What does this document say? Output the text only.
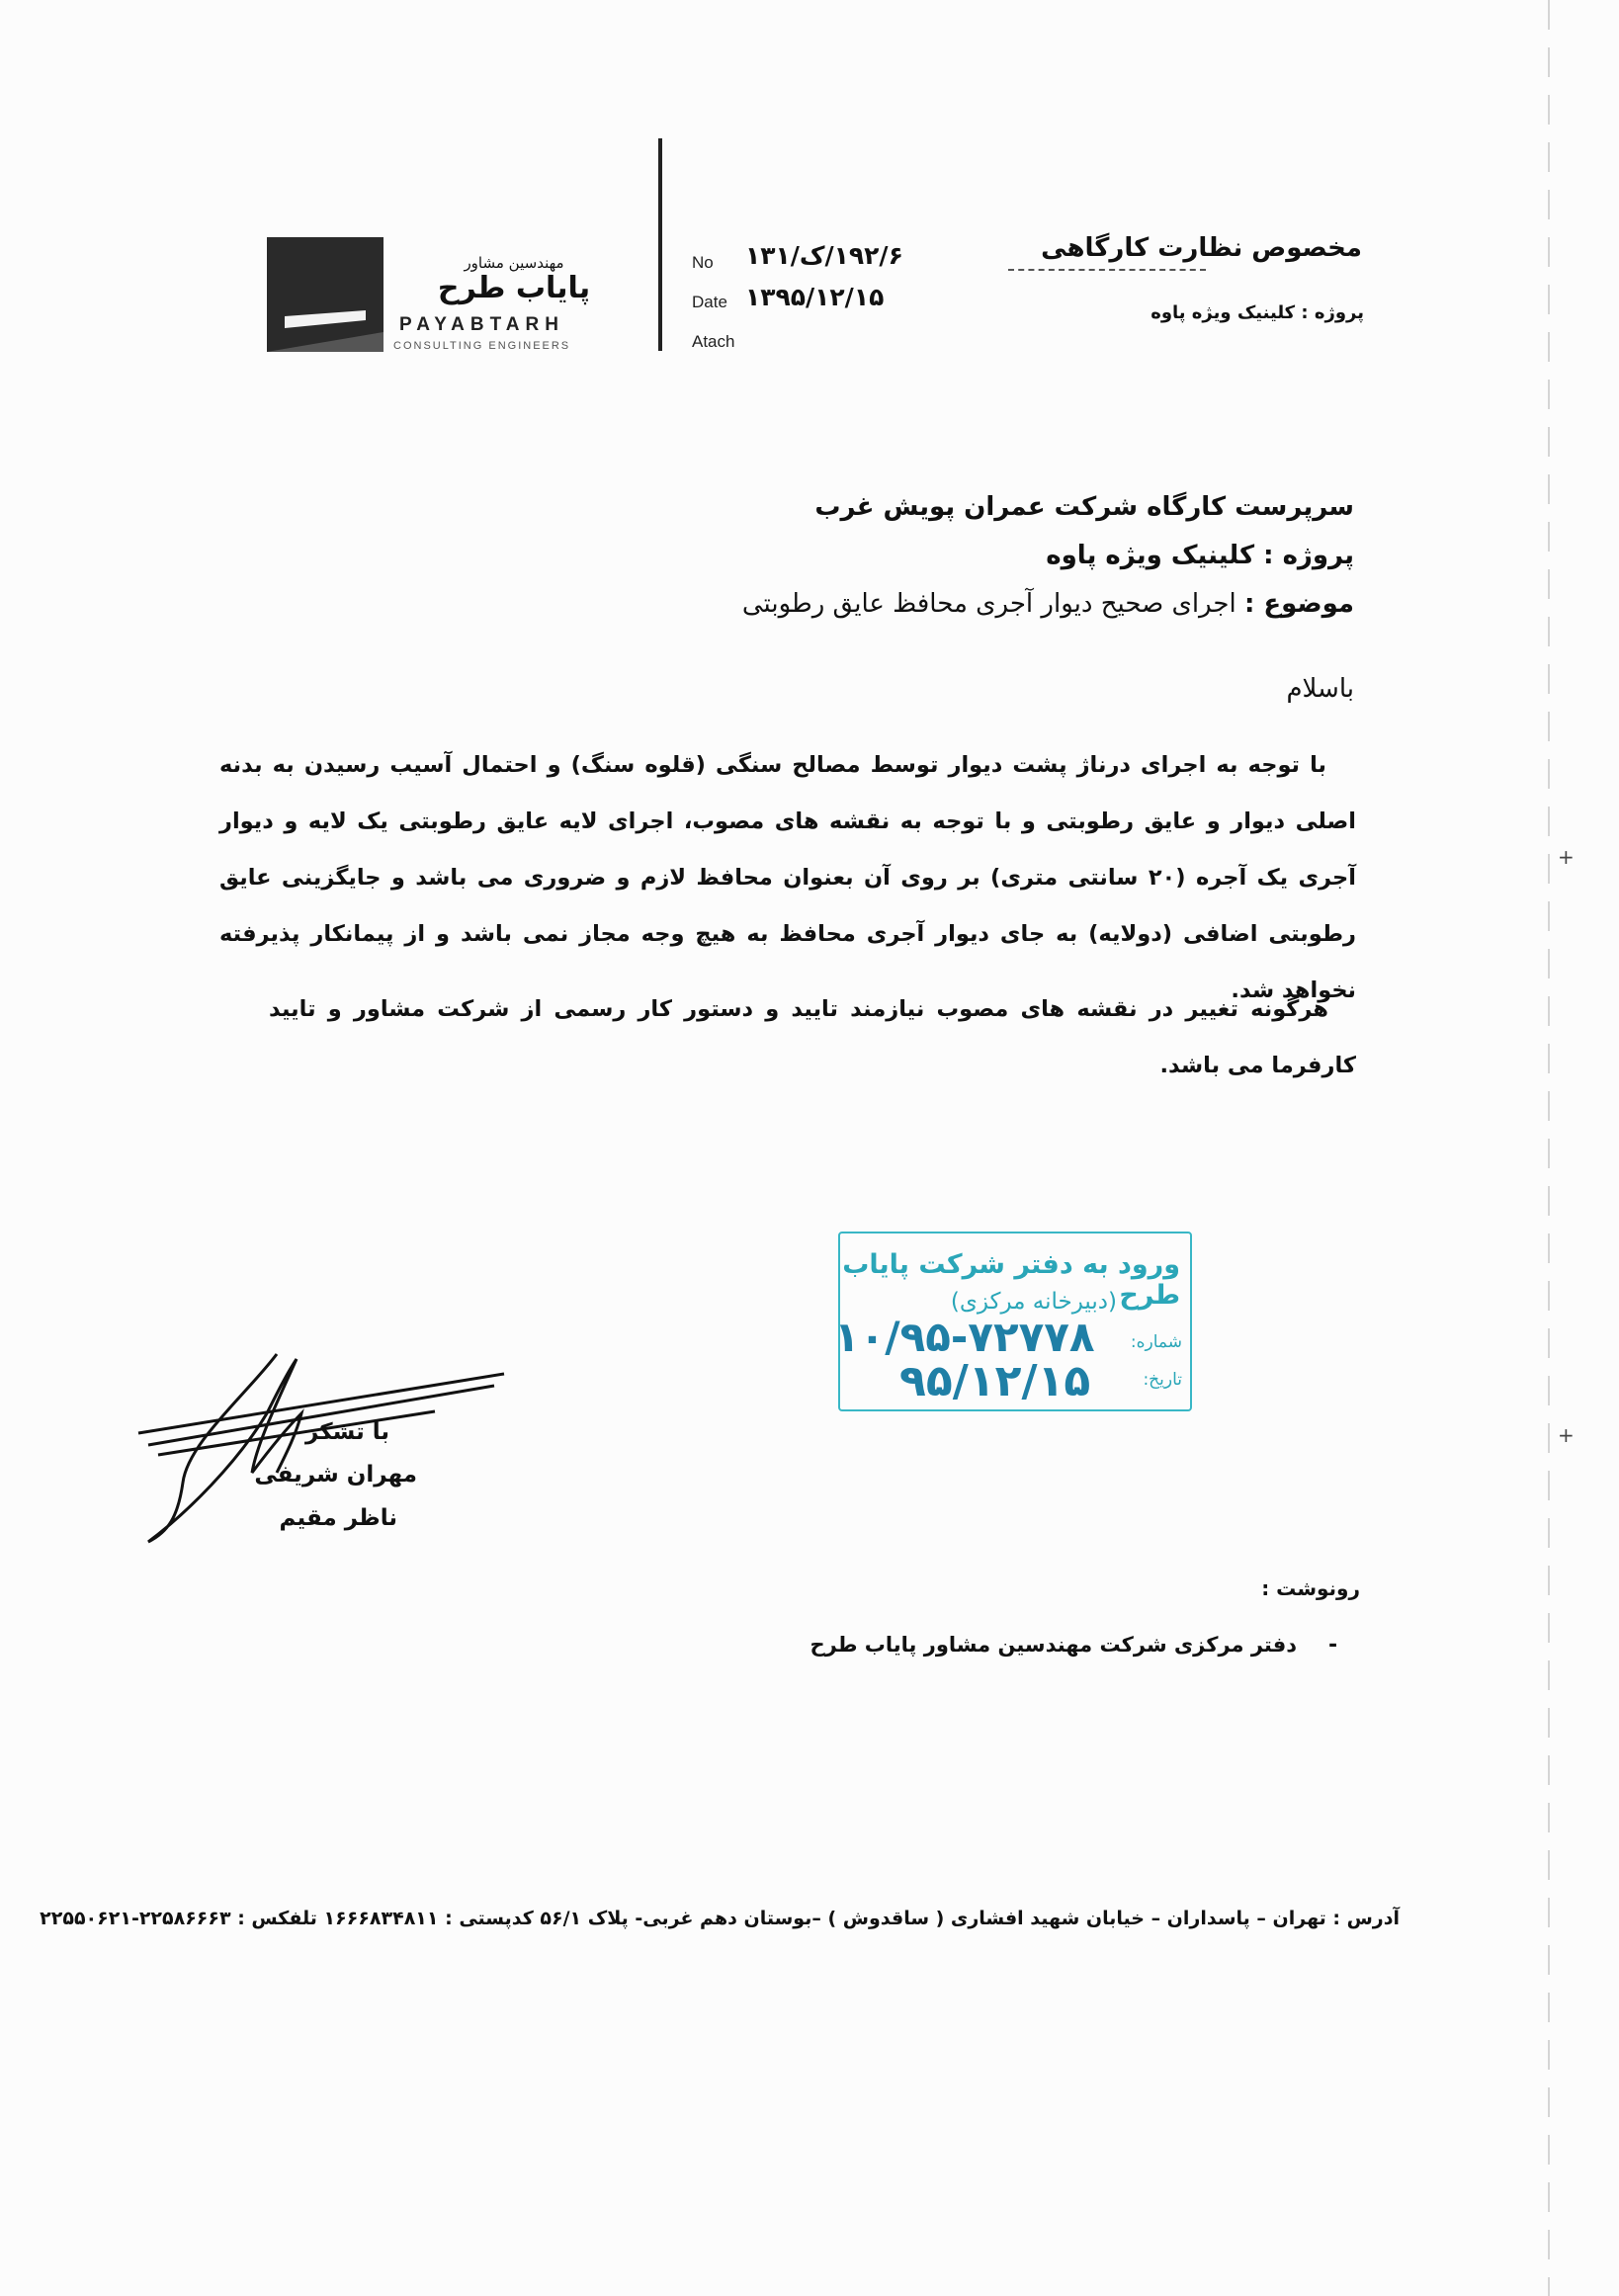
+
+
مهندسین مشاور
پایاب طرح
PAYABTARH
CONSULTING ENGINEERS
No ۱۹۲/۶/ک/۱۳۱
Date ۱۳۹۵/۱۲/۱۵
Atach
مخصوص نظارت کارگاهی
پروژه : کلینیک ویژه پاوه
سرپرست کارگاه شرکت عمران پویش غرب
پروژه : کلینیک ویژه پاوه
موضوع : اجرای صحیح دیوار آجری محافظ عایق رطوبتی
باسلام
با توجه به اجرای درناژ پشت دیوار توسط مصالح سنگی (قلوه سنگ) و احتمال آسیب رسیدن به بدنه اصلی دیوار و عایق رطوبتی و با توجه به نقشه های مصوب، اجرای لایه عایق رطوبتی یک لایه و دیوار آجری یک آجره (۲۰ سانتی متری) بر روی آن بعنوان محافظ لازم و ضروری می باشد و جایگزینی عایق رطوبتی اضافی (دولایه) به جای دیوار آجری محافظ به هیچ وجه مجاز نمی باشد و از پیمانکار پذیرفته نخواهد شد.
هرگونه تغییر در نقشه های مصوب نیازمند تایید و دستور کار رسمی از شرکت مشاور و تایید کارفرما می باشد.
ورود به دفتر شرکت پایاب طرح
(دبیرخانه مرکزی)
شماره:
۱۰/۹۵-۷۲۷۷۸
تاریخ:
۹۵/۱۲/۱۵
با تشکر
مهران شریفی
ناظر مقیم
رونوشت :
-
دفتر مرکزی شرکت مهندسین مشاور پایاب طرح
آدرس : تهران – پاسداران – خیابان شهید افشاری ( ساقدوش ) –بوستان دهم غربی- پلاک ۵۶/۱ کدپستی : ۱۶۶۶۸۳۴۸۱۱ تلفکس : ۲۲۵۸۶۶۶۳-۲۲۵۵۰۶۲۱
